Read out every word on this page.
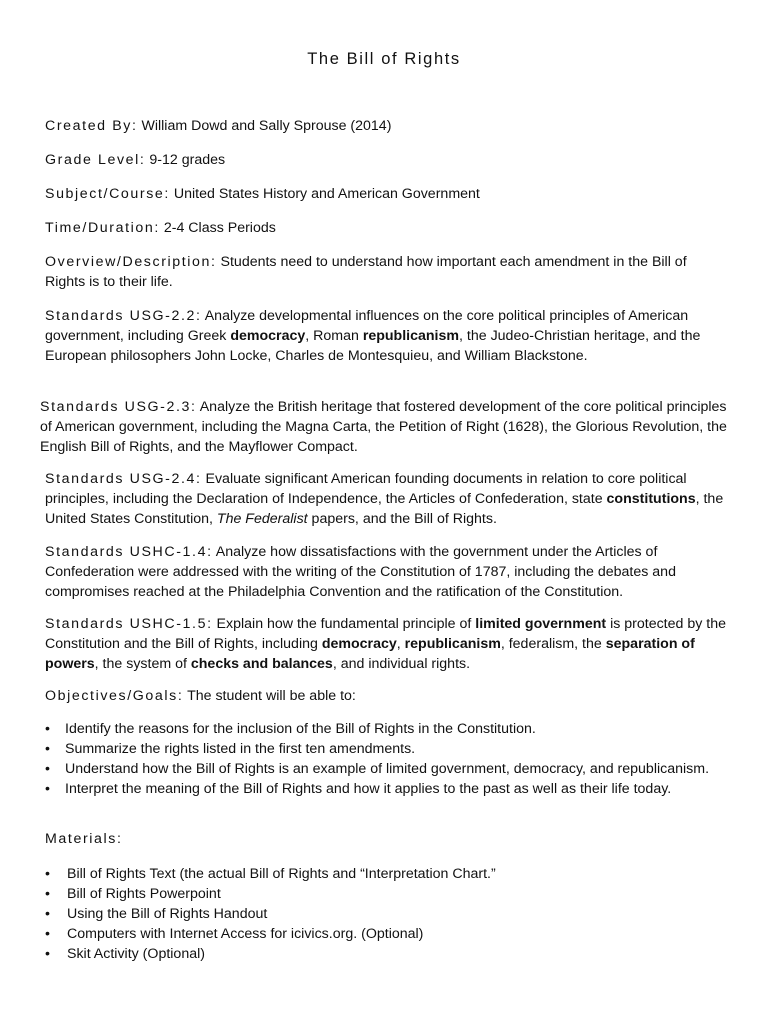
The Bill of Rights
Created By: William Dowd and Sally Sprouse (2014)
Grade Level: 9-12 grades
Subject/Course: United States History and American Government
Time/Duration: 2-4 Class Periods
Overview/Description: Students need to understand how important each amendment in the Bill of Rights is to their life.
Standards USG-2.2: Analyze developmental influences on the core political principles of American government, including Greek democracy, Roman republicanism, the Judeo-Christian heritage, and the European philosophers John Locke, Charles de Montesquieu, and William Blackstone.
Standards USG-2.3: Analyze the British heritage that fostered development of the core political principles of American government, including the Magna Carta, the Petition of Right (1628), the Glorious Revolution, the English Bill of Rights, and the Mayflower Compact.
Standards USG-2.4: Evaluate significant American founding documents in relation to core political principles, including the Declaration of Independence, the Articles of Confederation, state constitutions, the United States Constitution, The Federalist papers, and the Bill of Rights.
Standards USHC-1.4: Analyze how dissatisfactions with the government under the Articles of Confederation were addressed with the writing of the Constitution of 1787, including the debates and compromises reached at the Philadelphia Convention and the ratification of the Constitution.
Standards USHC-1.5: Explain how the fundamental principle of limited government is protected by the Constitution and the Bill of Rights, including democracy, republicanism, federalism, the separation of powers, the system of checks and balances, and individual rights.
Objectives/Goals: The student will be able to:
•	Identify the reasons for the inclusion of the Bill of Rights in the Constitution.
•	Summarize the rights listed in the first ten amendments.
•	Understand how the Bill of Rights is an example of limited government, democracy, and republicanism.
•	Interpret the meaning of the Bill of Rights and how it applies to the past as well as their life today.
Materials:
•	Bill of Rights Text (the actual Bill of Rights and “Interpretation Chart.”
•	Bill of Rights Powerpoint
•	Using the Bill of Rights Handout
•	Computers with Internet Access for icivics.org. (Optional)
•	Skit Activity (Optional)
